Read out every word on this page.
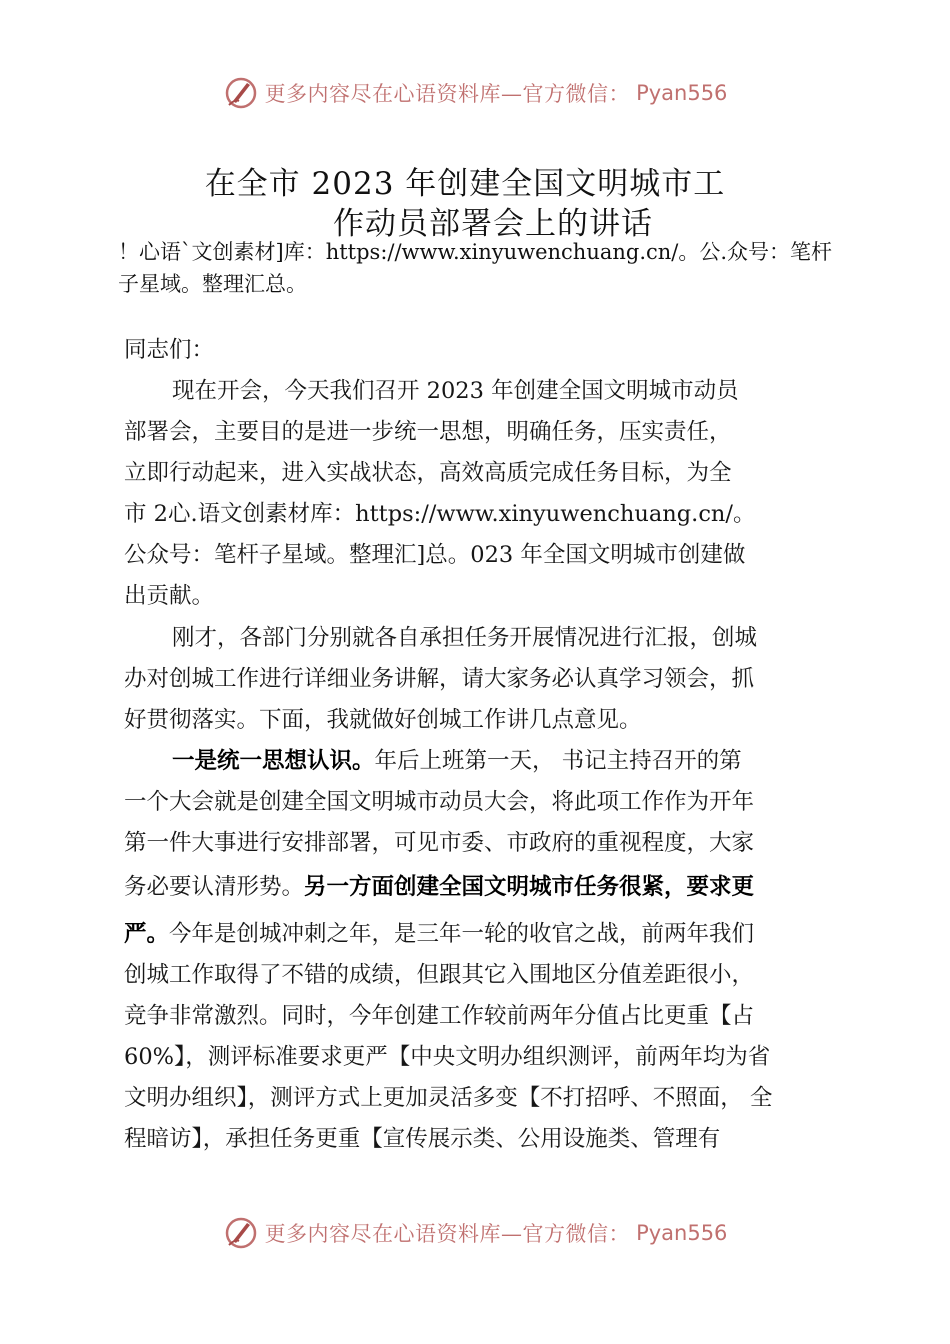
更多内容尽在心语资料库—官方微信： Pyan556
在全市 2023 年创建全国文明城市工
作动员部署会上的讲话
！心语`文创素材]库：https://www.xinyuwenchuang.cn/。公.众号：笔杆子星域。整理汇总。
同志们：
现在开会，今天我们召开 2023 年创建全国文明城市动员
部署会，主要目的是进一步统一思想，明确任务，压实责任，
立即行动起来，进入实战状态，高效高质完成任务目标，为全
市 2心.语文创素材库：https://www.xinyuwenchuang.cn/。
公众号：笔杆子星域。整理汇]总。023 年全国文明城市创建做
出贡献。
刚才，各部门分别就各自承担任务开展情况进行汇报，创城
办对创城工作进行详细业务讲解，请大家务必认真学习领会，抓
好贯彻落实。下面，我就做好创城工作讲几点意见。
一是统一思想认识。年后上班第一天， 书记主持召开的第
一个大会就是创建全国文明城市动员大会，将此项工作作为开年
第一件大事进行安排部署，可见市委、市政府的重视程度，大家
务必要认清形势。另一方面创建全国文明城市任务很紧，要求更
严。今年是创城冲刺之年，是三年一轮的收官之战，前两年我们
创城工作取得了不错的成绩，但跟其它入围地区分值差距很小，
竞争非常激烈。同时，今年创建工作较前两年分值占比更重【占
60%】，测评标准要求更严【中央文明办组织测评，前两年均为省
文明办组织】，测评方式上更加灵活多变【不打招呼、不照面， 全
程暗访】，承担任务更重【宣传展示类、公用设施类、管理有
更多内容尽在心语资料库—官方微信： Pyan556
